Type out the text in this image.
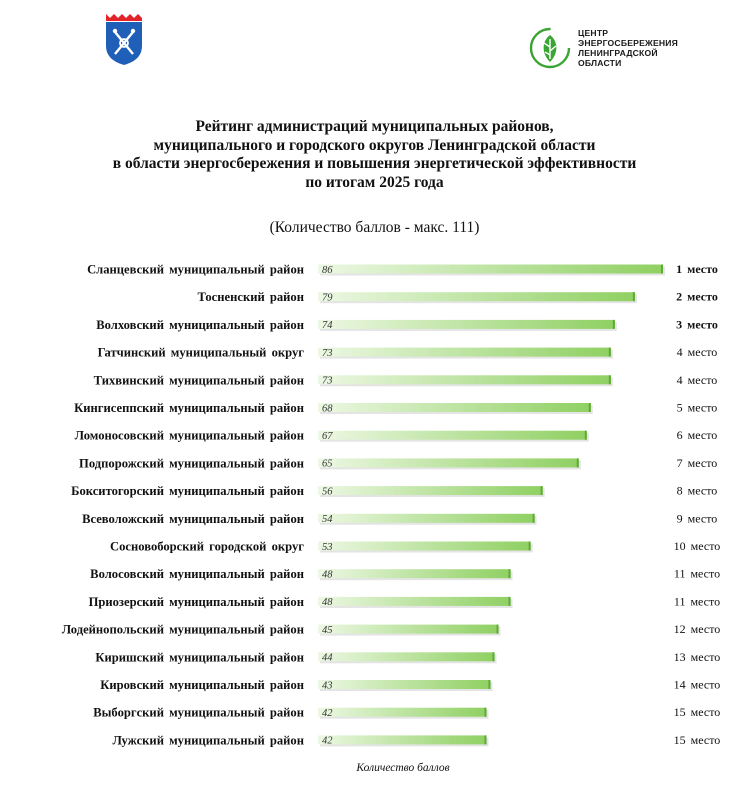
ЦЕНТР
ЭНЕРГОСБЕРЕЖЕНИЯ
ЛЕНИНГРАДСКОЙ
ОБЛАСТИ
Рейтинг администраций муниципальных районов,
муниципального и городского округов Ленинградской области
в области энергосбережения и повышения энергетической эффективности
по итогам 2025 года
(Количество баллов - макс. 111)
Сланцевский муниципальный район 86	1 место
Тосненский район 79	2 место
Волховский муниципальный район 74	3 место
Гатчинский муниципальный округ 73	4 место
Тихвинский муниципальный район 73	4 место
Кингисеппский муниципальный район 68	5 место
Ломоносовский муниципальный район 67	6 место
Подпорожский муниципальный район 65	7 место
Бокситогорский муниципальный район 56	8 место
Всеволожский муниципальный район 54	9 место
Сосновоборский городской округ 53	10 место
Волосовский муниципальный район 48	11 место
Приозерский муниципальный район 48	11 место
Лодейнопольский муниципальный район 45	12 место
Киришский муниципальный район 44	13 место
Кировский муниципальный район 43	14 место
Выборгский муниципальный район 42	15 место
Лужский муниципальный район 42	15 место
Количество баллов
